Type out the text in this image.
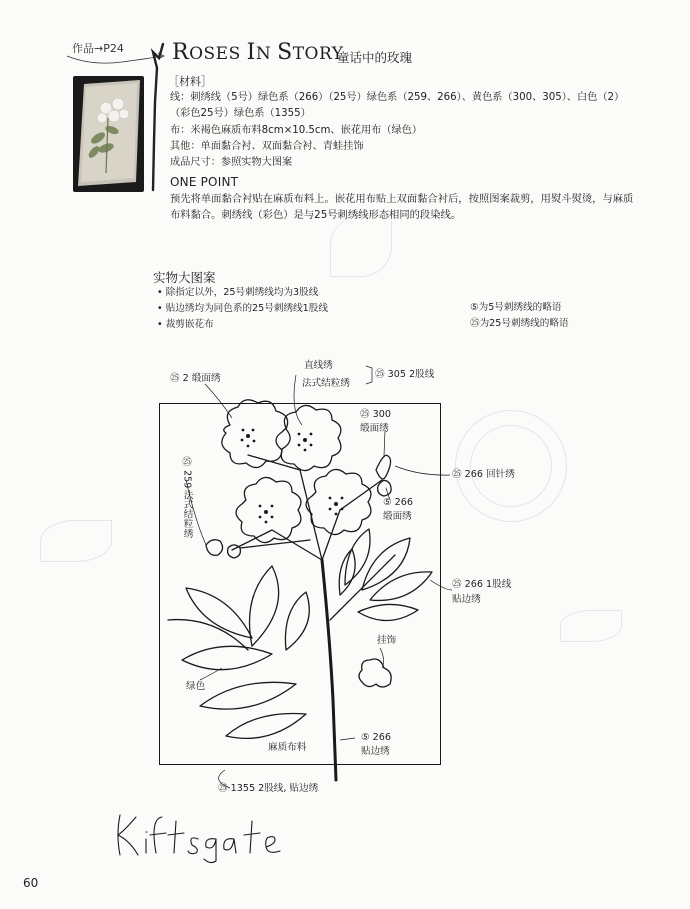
作品→P24 ROSES IN STORY
童话中的玫瑰
［材料］
线：刺绣线（5号）绿色系（266）（25号）绿色系（259、266）、黄色系（300、305）、白色（2）
（彩色25号）绿色系（1355）
布：米褐色麻质布料8cm×10.5cm、嵌花用布（绿色）
其他：单面黏合衬、双面黏合衬、青蛙挂饰
成品尺寸：参照实物大图案
ONE POINT
预先将单面黏合衬贴在麻质布料上。嵌花用布贴上双面黏合衬后，按照图案裁剪，用熨斗熨烫，与麻质
布料黏合。刺绣线（彩色）是与25号刺绣线形态相同的段染线。
实物大图案
• 除指定以外，25号刺绣线均为3股线
• 贴边绣均为同色系的25号刺绣线1股线
• 裁剪嵌花布
⑤为5号刺绣线的略语
㉕为25号刺绣线的略语
㉕ 2 缎面绣
直线绣
法式结粒绣
㉕ 305 2股线
㉕ 300
缎面绣
㉕ 266 回针绣
㉕
259
法式结粒绣	⑤ 266
缎面绣
㉕ 266 1股线
贴边绣
挂饰
绿色
麻质布料
⑤ 266
贴边绣
㉕ 1355 2股线, 贴边绣
Kiftsgate
60
